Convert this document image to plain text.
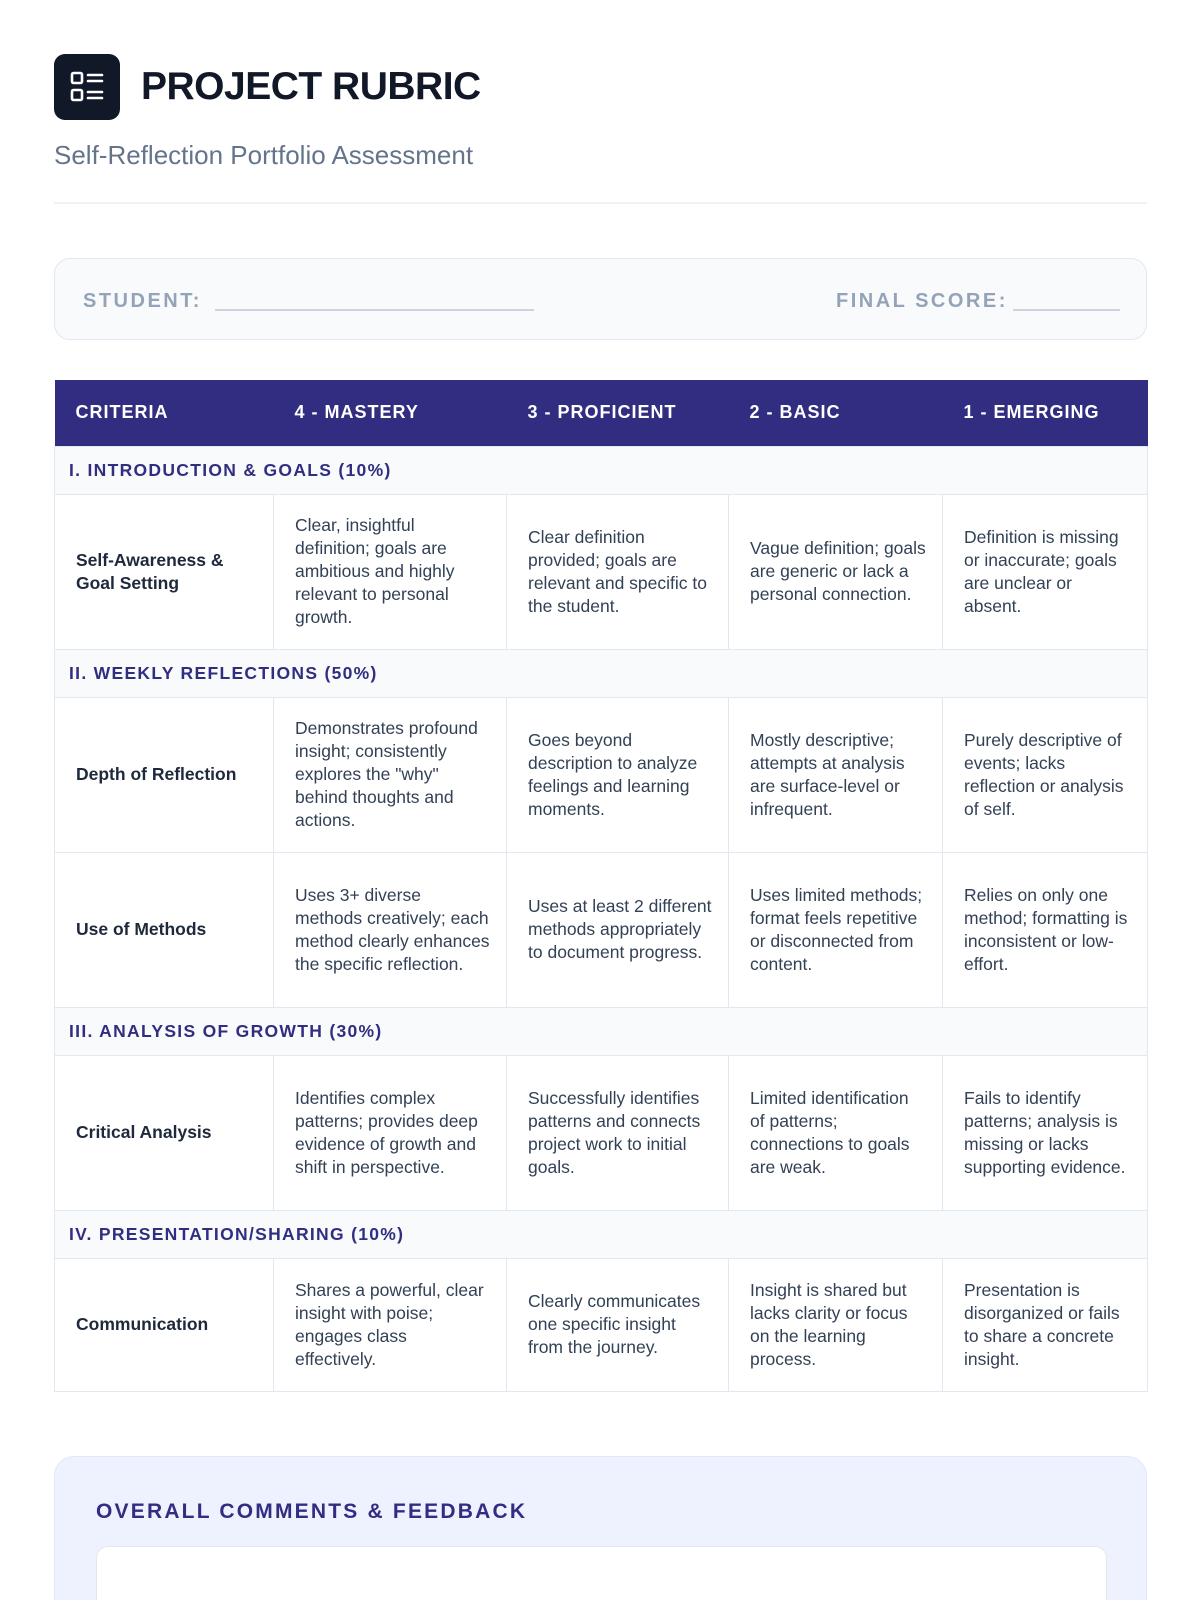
PROJECT RUBRIC
Self-Reflection Portfolio Assessment
STUDENT:	FINAL SCORE:
CRITERIA	4 - MASTERY	3 - PROFICIENT	2 - BASIC	1 - EMERGING
I. INTRODUCTION & GOALS (10%)				
Self-Awareness & Goal Setting	Clear, insightful definition; goals are ambitious and highly relevant to personal growth.	Clear definition provided; goals are relevant and specific to the student.	Vague definition; goals are generic or lack a personal connection.	Definition is missing or inaccurate; goals are unclear or absent.
II. WEEKLY REFLECTIONS (50%)				
Depth of Reflection	Demonstrates profound insight; consistently explores the "why" behind thoughts and actions.	Goes beyond description to analyze feelings and learning moments.	Mostly descriptive; attempts at analysis are surface-level or infrequent.	Purely descriptive of events; lacks reflection or analysis of self.
Use of Methods	Uses 3+ diverse methods creatively; each method clearly enhances the specific reflection.	Uses at least 2 different methods appropriately to document progress.	Uses limited methods; format feels repetitive or disconnected from content.	Relies on only one method; formatting is inconsistent or low-effort.
III. ANALYSIS OF GROWTH (30%)				
Critical Analysis	Identifies complex patterns; provides deep evidence of growth and shift in perspective.	Successfully identifies patterns and connects project work to initial goals.	Limited identification of patterns; connections to goals are weak.	Fails to identify patterns; analysis is missing or lacks supporting evidence.
IV. PRESENTATION/SHARING (10%)				
Communication	Shares a powerful, clear insight with poise; engages class effectively.	Clearly communicates one specific insight from the journey.	Insight is shared but lacks clarity or focus on the learning process.	Presentation is disorganized or fails to share a concrete insight.
OVERALL COMMENTS & FEEDBACK
